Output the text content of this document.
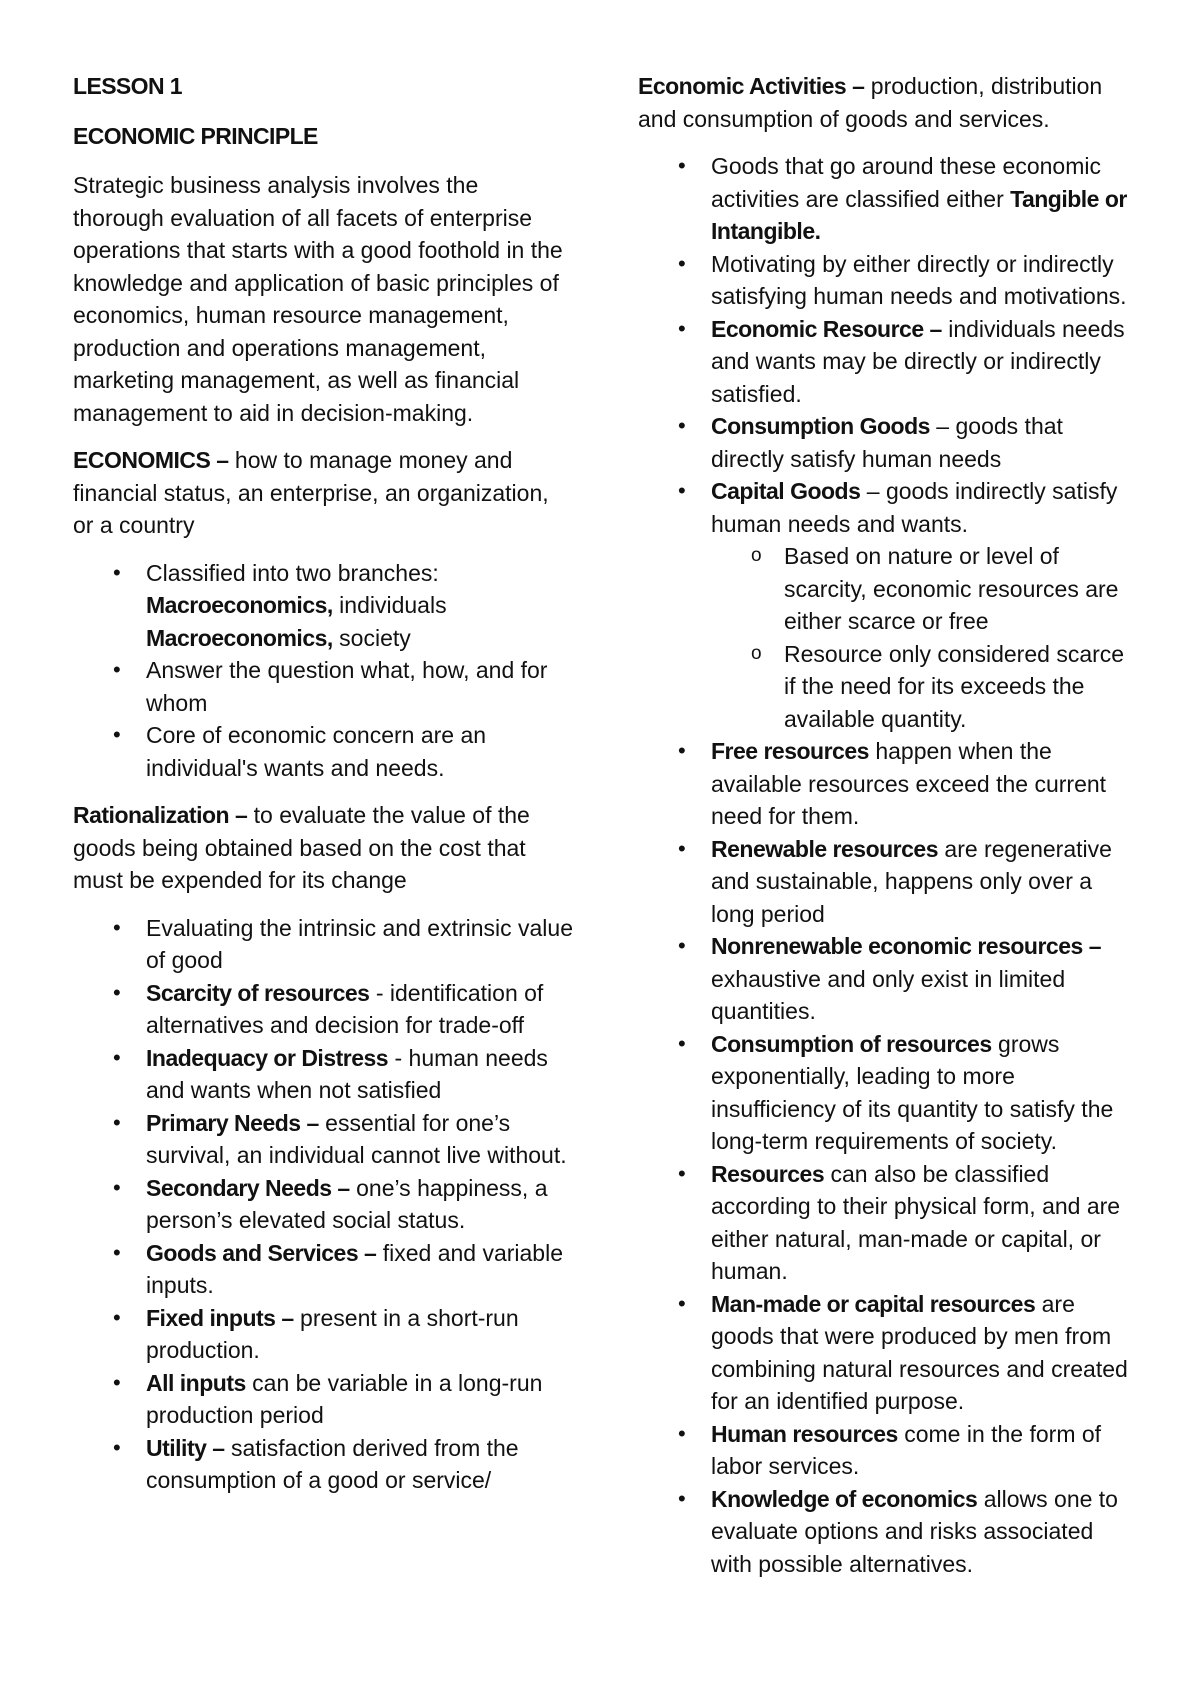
LESSON 1

ECONOMIC PRINCIPLE

Strategic business analysis involves the thorough evaluation of all facets of enterprise operations that starts with a good foothold in the knowledge and application of basic principles of economics, human resource management, production and operations management, marketing management, as well as financial management to aid in decision-making.

ECONOMICS – how to manage money and financial status, an enterprise, an organization, or a country

• Classified into two branches: Macroeconomics, individuals Macroeconomics, society
• Answer the question what, how, and for whom
• Core of economic concern are an individual's wants and needs.

Rationalization – to evaluate the value of the goods being obtained based on the cost that must be expended for its change

• Evaluating the intrinsic and extrinsic value of good
• Scarcity of resources - identification of alternatives and decision for trade-off
• Inadequacy or Distress - human needs and wants when not satisfied
• Primary Needs – essential for one’s survival, an individual cannot live without.
• Secondary Needs – one’s happiness, a person’s elevated social status.
• Goods and Services – fixed and variable inputs.
• Fixed inputs – present in a short-run production.
• All inputs can be variable in a long-run production period
• Utility – satisfaction derived from the consumption of a good or service/

Economic Activities – production, distribution and consumption of goods and services.

• Goods that go around these economic activities are classified either Tangible or Intangible.
• Motivating by either directly or indirectly satisfying human needs and motivations.
• Economic Resource – individuals needs and wants may be directly or indirectly satisfied.
• Consumption Goods – goods that directly satisfy human needs
• Capital Goods – goods indirectly satisfy human needs and wants.
o Based on nature or level of scarcity, economic resources are either scarce or free
o Resource only considered scarce if the need for its exceeds the available quantity.
• Free resources happen when the available resources exceed the current need for them.
• Renewable resources are regenerative and sustainable, happens only over a long period
• Nonrenewable economic resources – exhaustive and only exist in limited quantities.
• Consumption of resources grows exponentially, leading to more insufficiency of its quantity to satisfy the long-term requirements of society.
• Resources can also be classified according to their physical form, and are either natural, man-made or capital, or human.
• Man-made or capital resources are goods that were produced by men from combining natural resources and created for an identified purpose.
• Human resources come in the form of labor services.
• Knowledge of economics allows one to evaluate options and risks associated with possible alternatives.
